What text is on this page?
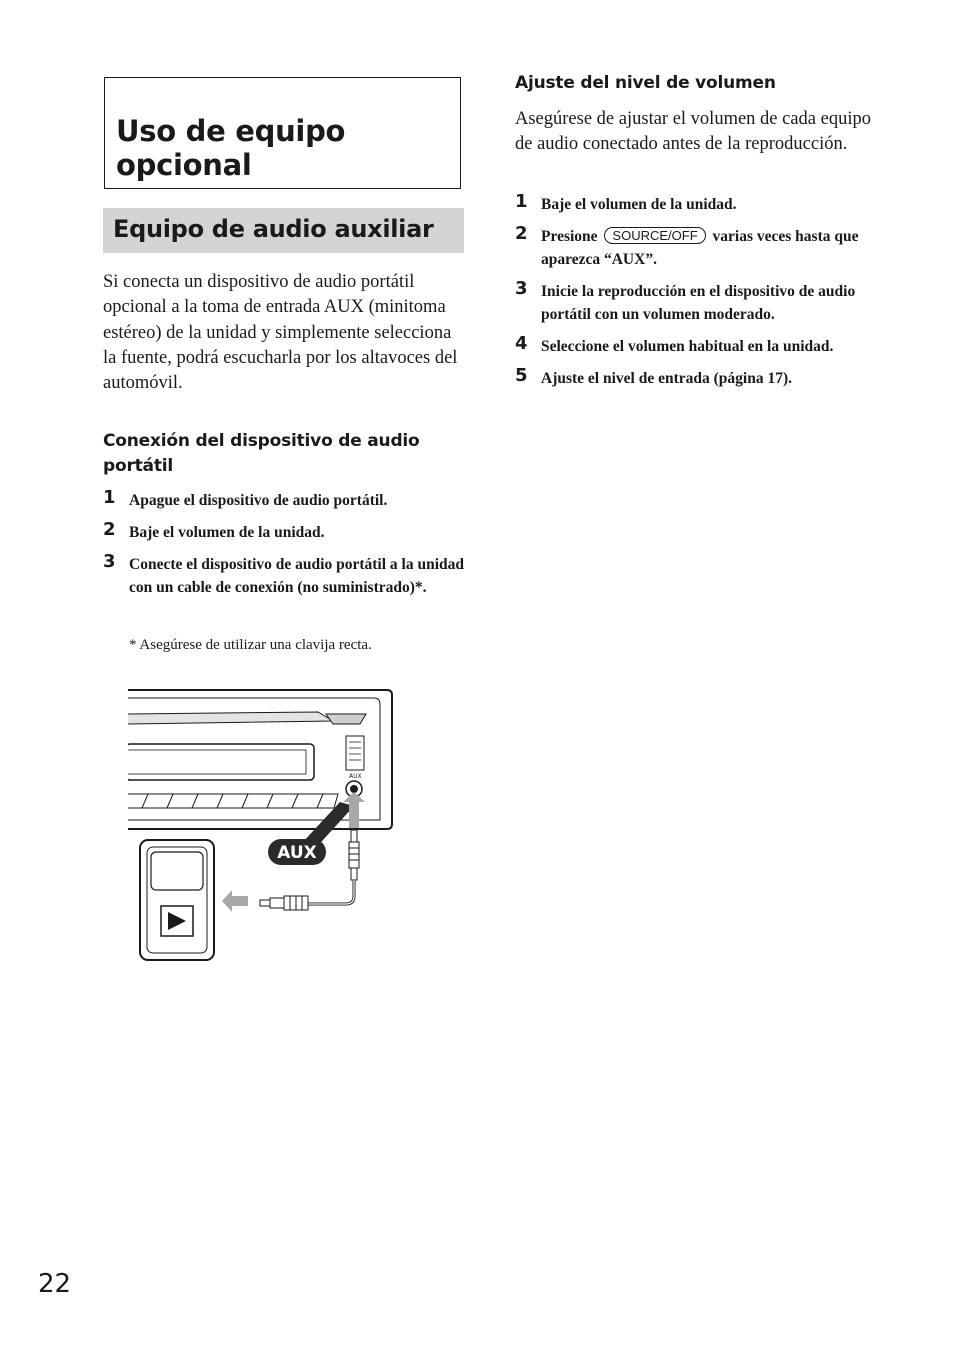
Uso de equipo opcional
Equipo de audio auxiliar
Si conecta un dispositivo de audio portátil opcional a la toma de entrada AUX (minitoma estéreo) de la unidad y simplemente selecciona la fuente, podrá escucharla por los altavoces del automóvil.
Conexión del dispositivo de audio portátil
1 Apague el dispositivo de audio portátil.
2 Baje el volumen de la unidad.
3 Conecte el dispositivo de audio portátil a la unidad con un cable de conexión (no suministrado)*.
* Asegúrese de utilizar una clavija recta.
AUX
AUX
Ajuste del nivel de volumen
Asegúrese de ajustar el volumen de cada equipo de audio conectado antes de la reproducción.
1 Baje el volumen de la unidad.
2 Presione SOURCE/OFF varias veces hasta que aparezca “AUX”.
3 Inicie la reproducción en el dispositivo de audio portátil con un volumen moderado.
4 Seleccione el volumen habitual en la unidad.
5 Ajuste el nivel de entrada (página 17).
22
